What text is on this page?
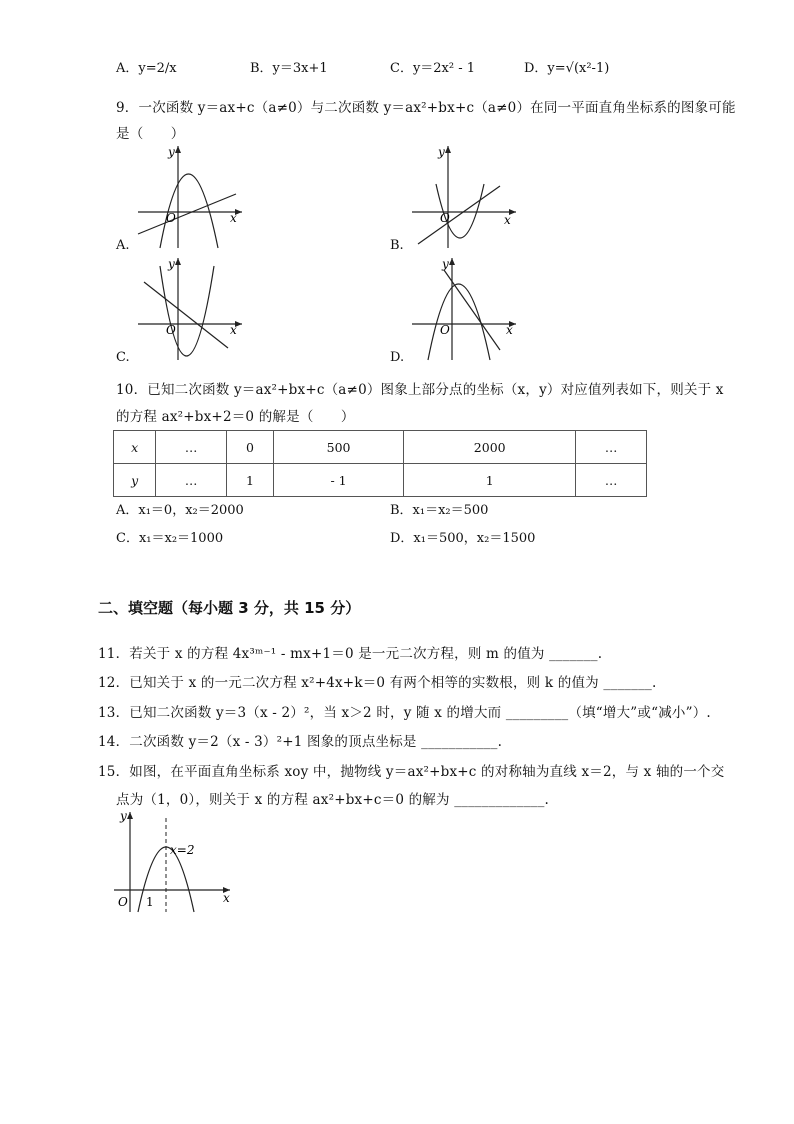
A．y=2/x	B．y＝3x+1	C．y＝2x² - 1	D．y=√(x²-1)
9．一次函数 y＝ax+c（a≠0）与二次函数 y＝ax²+bx+c（a≠0）在同一平面直角坐标系的图象可能
是（　　）
y
x
O
A.
y
x
O
B.
y
x
O
C.
y
x
O
D.
10．已知二次函数 y＝ax²+bx+c（a≠0）图象上部分点的坐标（x，y）对应值列表如下，则关于 x
的方程 ax²+bx+2＝0 的解是（　　）
x	…	0	500	2000	…
y	…	1	- 1	1	…
A．x₁＝0，x₂＝2000	B．x₁＝x₂＝500
C．x₁＝x₂＝1000	D．x₁＝500，x₂＝1500
二、填空题（每小题 3 分，共 15 分）
11．若关于 x 的方程 4x³ᵐ⁻¹ - mx+1＝0 是一元二次方程，则 m 的值为 _______.
12．已知关于 x 的一元二次方程 x²+4x+k＝0 有两个相等的实数根，则 k 的值为 _______.
13．已知二次函数 y＝3（x - 2）²，当 x＞2 时，y 随 x 的增大而 _________（填“增大”或“减小”）.
14．二次函数 y＝2（x - 3）²+1 图象的顶点坐标是 ___________.
15．如图，在平面直角坐标系 xoy 中，抛物线 y＝ax²+bx+c 的对称轴为直线 x＝2，与 x 轴的一个交
点为（1，0），则关于 x 的方程 ax²+bx+c＝0 的解为 _____________.
y
x
O 1
x=2
